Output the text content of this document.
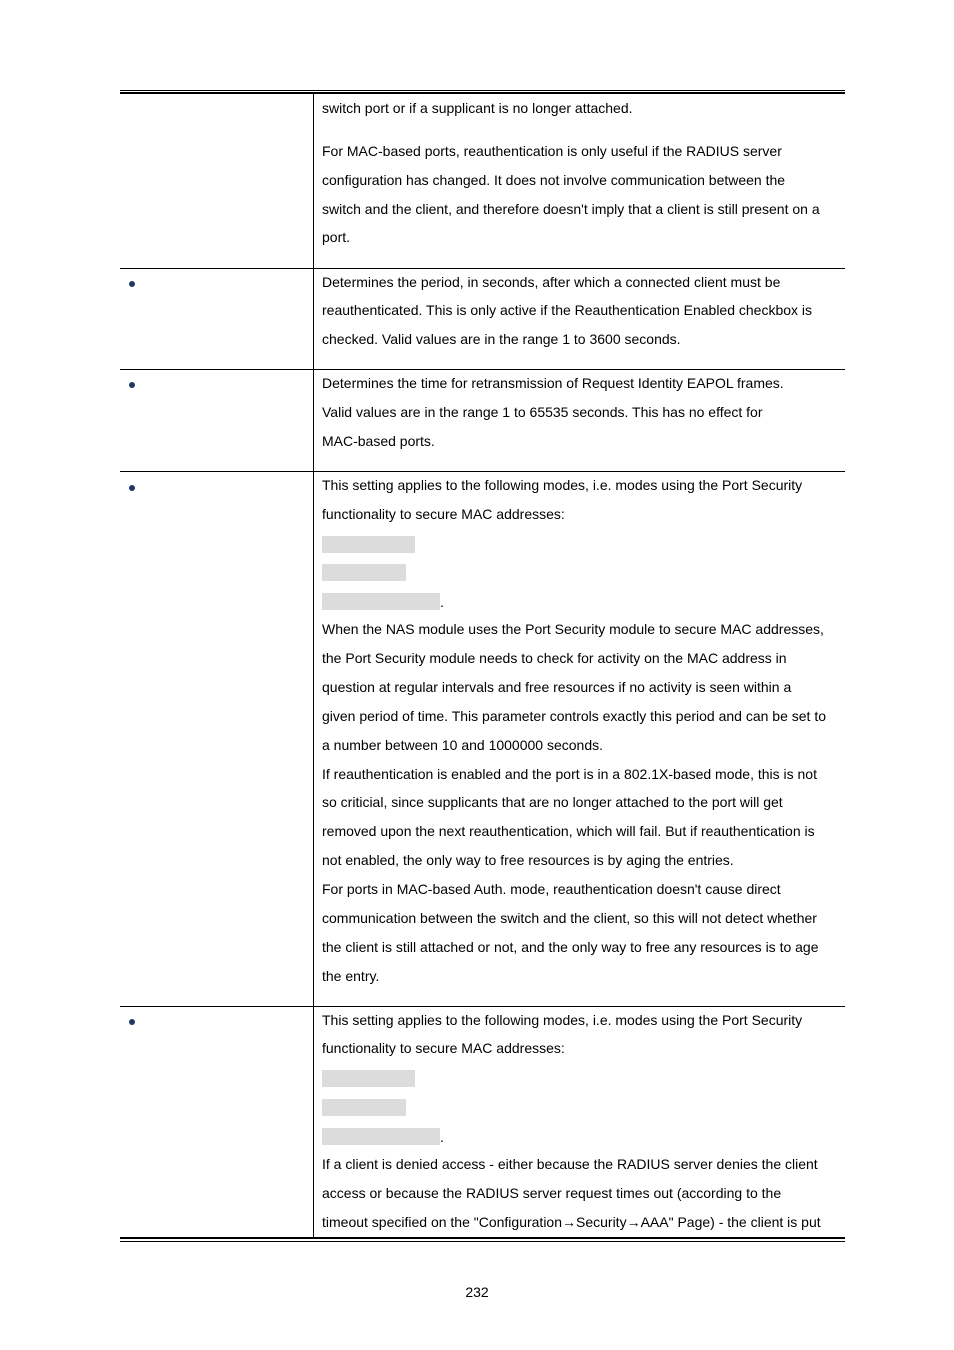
switch port or if a supplicant is no longer attached.

For MAC-based ports, reauthentication is only useful if the RADIUS server

configuration has changed. It does not involve communication between the

switch and the client, and therefore doesn't imply that a client is still present on a

port.

Determines the period, in seconds, after which a connected client must be

reauthenticated. This is only active if the Reauthentication Enabled checkbox is

checked. Valid values are in the range 1 to 3600 seconds.

Determines the time for retransmission of Request Identity EAPOL frames.

Valid values are in the range 1 to 65535 seconds. This has no effect for

MAC-based ports.

This setting applies to the following modes, i.e. modes using the Port Security

functionality to secure MAC addresses:

.

When the NAS module uses the Port Security module to secure MAC addresses,

the Port Security module needs to check for activity on the MAC address in

question at regular intervals and free resources if no activity is seen within a

given period of time. This parameter controls exactly this period and can be set to

a number between 10 and 1000000 seconds.

If reauthentication is enabled and the port is in a 802.1X-based mode, this is not

so criticial, since supplicants that are no longer attached to the port will get

removed upon the next reauthentication, which will fail. But if reauthentication is

not enabled, the only way to free resources is by aging the entries.

For ports in MAC-based Auth. mode, reauthentication doesn't cause direct

communication between the switch and the client, so this will not detect whether

the client is still attached or not, and the only way to free any resources is to age

the entry.

This setting applies to the following modes, i.e. modes using the Port Security

functionality to secure MAC addresses:

.

If a client is denied access - either because the RADIUS server denies the client

access or because the RADIUS server request times out (according to the

timeout specified on the "Configuration→Security→AAA" Page) - the client is put

232
